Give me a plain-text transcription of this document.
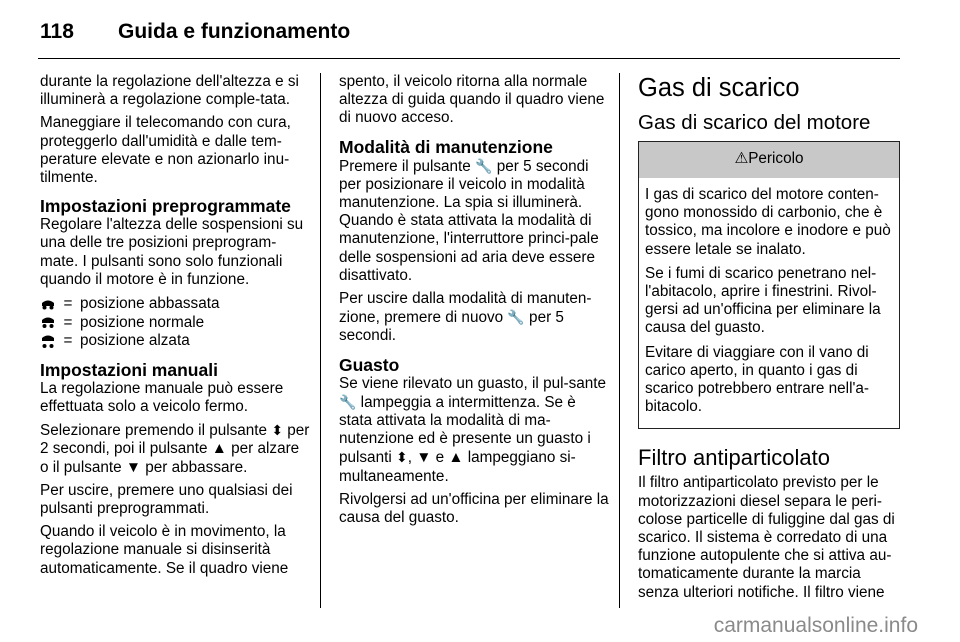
118 Guida e funzionamento

durante la regolazione dell'altezza e si illuminerà a regolazione comple-tata.

Maneggiare il telecomando con cura, proteggerlo dall'umidità e dalle tem-perature elevate e non azionarlo inu-tilmente.

Impostazioni preprogrammate

Regolare l'altezza delle sospensioni su una delle tre posizioni preprogram-mate. I pulsanti sono solo funzionali quando il motore è in funzione.

= posizione abbassata
= posizione normale
= posizione alzata
Impostazioni manuali

La regolazione manuale può essere effettuata solo a veicolo fermo.

Selezionare premendo il pulsante ⬍ per 2 secondi, poi il pulsante ▲ per alzare o il pulsante ▼ per abbassare.

Per uscire, premere uno qualsiasi dei pulsanti preprogrammati.

Quando il veicolo è in movimento, la regolazione manuale si disinserità automaticamente. Se il quadro viene

spento, il veicolo ritorna alla normale altezza di guida quando il quadro viene di nuovo acceso.

Modalità di manutenzione

Premere il pulsante 🔧 per 5 secondi per posizionare il veicolo in modalità manutenzione. La spia si illuminerà. Quando è stata attivata la modalità di manutenzione, l'interruttore princi-pale delle sospensioni ad aria deve essere disattivato.

Per uscire dalla modalità di manuten-zione, premere di nuovo 🔧 per 5 secondi.

Guasto

Se viene rilevato un guasto, il pul-sante 🔧 lampeggia a intermittenza. Se è stata attivata la modalità di ma-nutenzione ed è presente un guasto i pulsanti ⬍, ▼ e ▲ lampeggiano si-multaneamente.

Rivolgersi ad un'officina per eliminare la causa del guasto.

Gas di scarico
Gas di scarico del motore
⚠Pericolo

I gas di scarico del motore conten-gono monossido di carbonio, che è tossico, ma incolore e inodore e può essere letale se inalato.

Se i fumi di scarico penetrano nel-l'abitacolo, aprire i finestrini. Rivol-gersi ad un'officina per eliminare la causa del guasto.

Evitare di viaggiare con il vano di carico aperto, in quanto i gas di scarico potrebbero entrare nell'a-bitacolo.

Filtro antiparticolato

Il filtro antiparticolato previsto per le motorizzazioni diesel separa le peri-colose particelle di fuliggine dal gas di scarico. Il sistema è corredato di una funzione autopulente che si attiva au-tomaticamente durante la marcia senza ulteriori notifiche. Il filtro viene

carmanualsonline.info
